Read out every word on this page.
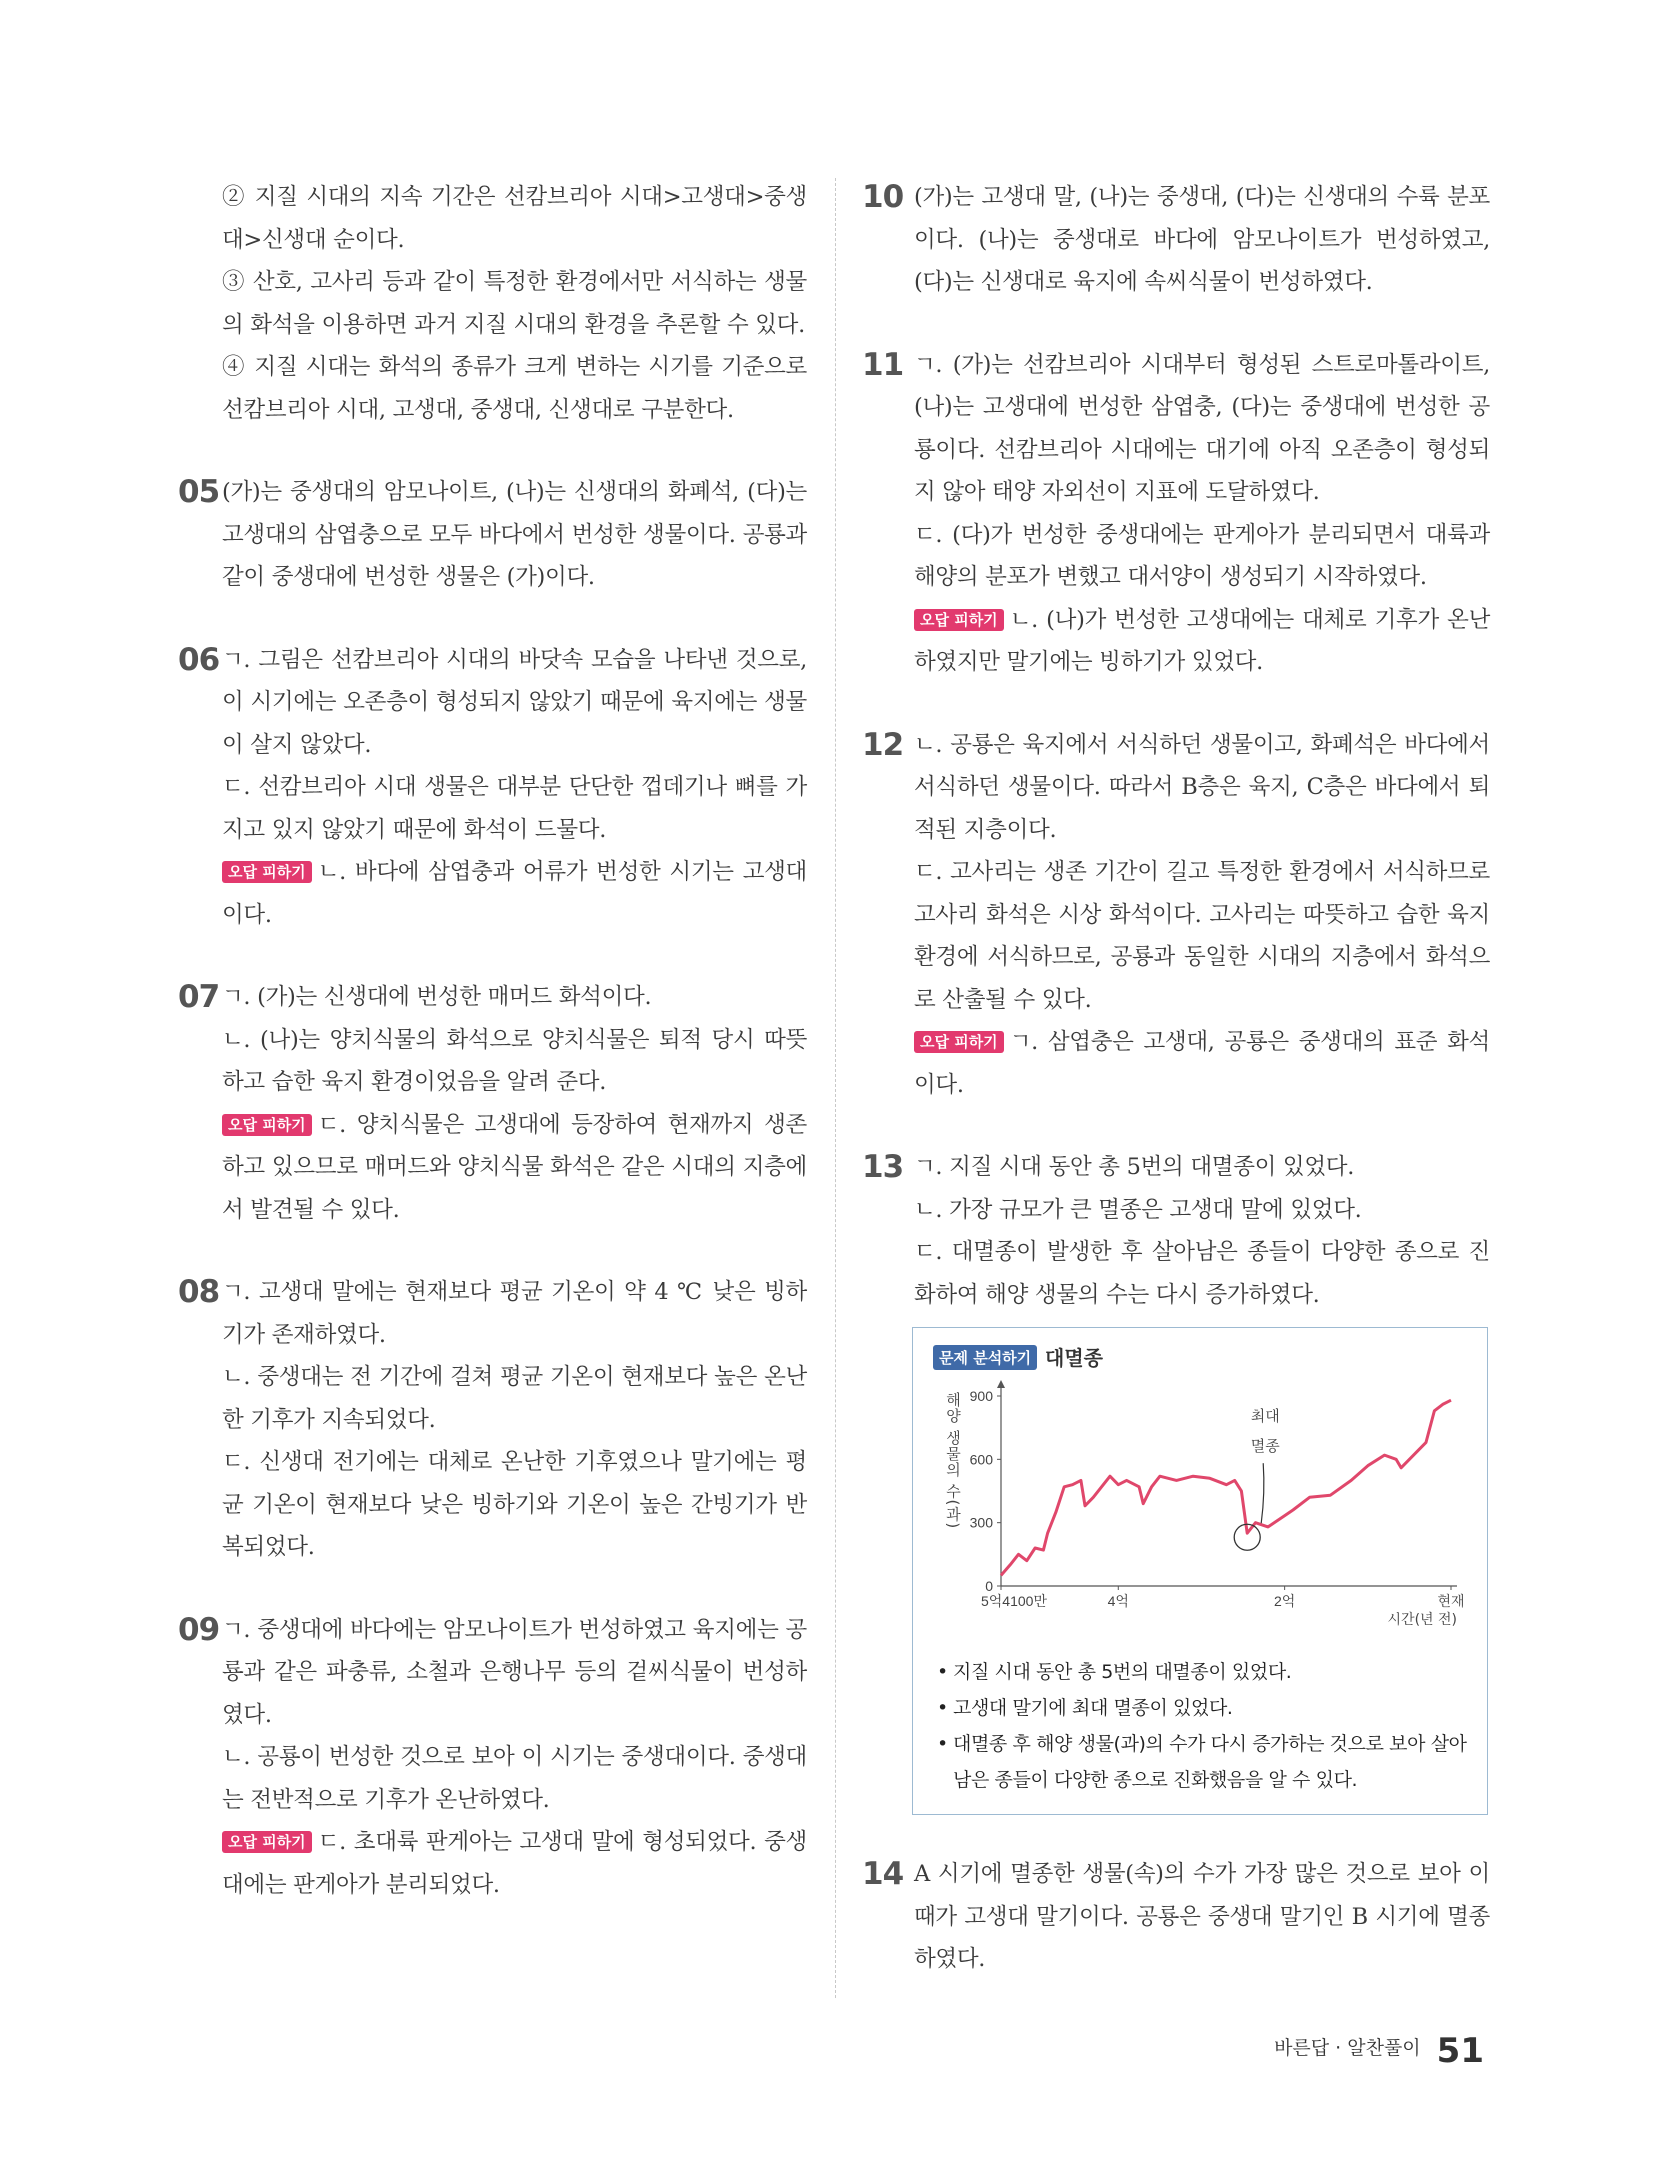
② 지질 시대의 지속 기간은 선캄브리아 시대>고생대>중생대>신생대 순이다.

③ 산호, 고사리 등과 같이 특정한 환경에서만 서식하는 생물의 화석을 이용하면 과거 지질 시대의 환경을 추론할 수 있다.

④ 지질 시대는 화석의 종류가 크게 변하는 시기를 기준으로 선캄브리아 시대, 고생대, 중생대, 신생대로 구분한다.

05 (가)는 중생대의 암모나이트, (나)는 신생대의 화폐석, (다)는 고생대의 삼엽충으로 모두 바다에서 번성한 생물이다. 공룡과 같이 중생대에 번성한 생물은 (가)이다.

06 ㄱ. 그림은 선캄브리아 시대의 바닷속 모습을 나타낸 것으로, 이 시기에는 오존층이 형성되지 않았기 때문에 육지에는 생물이 살지 않았다.

ㄷ. 선캄브리아 시대 생물은 대부분 단단한 껍데기나 뼈를 가지고 있지 않았기 때문에 화석이 드물다.

오답 피하기 ㄴ. 바다에 삼엽충과 어류가 번성한 시기는 고생대이다.

07 ㄱ. (가)는 신생대에 번성한 매머드 화석이다.

ㄴ. (나)는 양치식물의 화석으로 양치식물은 퇴적 당시 따뜻하고 습한 육지 환경이었음을 알려 준다.

오답 피하기 ㄷ. 양치식물은 고생대에 등장하여 현재까지 생존하고 있으므로 매머드와 양치식물 화석은 같은 시대의 지층에서 발견될 수 있다.

08 ㄱ. 고생대 말에는 현재보다 평균 기온이 약 4 ℃ 낮은 빙하기가 존재하였다.

ㄴ. 중생대는 전 기간에 걸쳐 평균 기온이 현재보다 높은 온난한 기후가 지속되었다.

ㄷ. 신생대 전기에는 대체로 온난한 기후였으나 말기에는 평균 기온이 현재보다 낮은 빙하기와 기온이 높은 간빙기가 반복되었다.

09 ㄱ. 중생대에 바다에는 암모나이트가 번성하였고 육지에는 공룡과 같은 파충류, 소철과 은행나무 등의 겉씨식물이 번성하였다.

ㄴ. 공룡이 번성한 것으로 보아 이 시기는 중생대이다. 중생대는 전반적으로 기후가 온난하였다.

오답 피하기 ㄷ. 초대륙 판게아는 고생대 말에 형성되었다. 중생대에는 판게아가 분리되었다.

10 (가)는 고생대 말, (나)는 중생대, (다)는 신생대의 수륙 분포이다. (나)는 중생대로 바다에 암모나이트가 번성하였고, (다)는 신생대로 육지에 속씨식물이 번성하였다.

11 ㄱ. (가)는 선캄브리아 시대부터 형성된 스트로마톨라이트, (나)는 고생대에 번성한 삼엽충, (다)는 중생대에 번성한 공룡이다. 선캄브리아 시대에는 대기에 아직 오존층이 형성되지 않아 태양 자외선이 지표에 도달하였다.

ㄷ. (다)가 번성한 중생대에는 판게아가 분리되면서 대륙과 해양의 분포가 변했고 대서양이 생성되기 시작하였다.

오답 피하기 ㄴ. (나)가 번성한 고생대에는 대체로 기후가 온난하였지만 말기에는 빙하기가 있었다.

12 ㄴ. 공룡은 육지에서 서식하던 생물이고, 화폐석은 바다에서 서식하던 생물이다. 따라서 B층은 육지, C층은 바다에서 퇴적된 지층이다.

ㄷ. 고사리는 생존 기간이 길고 특정한 환경에서 서식하므로 고사리 화석은 시상 화석이다. 고사리는 따뜻하고 습한 육지 환경에 서식하므로, 공룡과 동일한 시대의 지층에서 화석으로 산출될 수 있다.

오답 피하기 ㄱ. 삼엽충은 고생대, 공룡은 중생대의 표준 화석이다.

13 ㄱ. 지질 시대 동안 총 5번의 대멸종이 있었다.

ㄴ. 가장 규모가 큰 멸종은 고생대 말에 있었다.

ㄷ. 대멸종이 발생한 후 살아남은 종들이 다양한 종으로 진화하여 해양 생물의 수는 다시 증가하였다.

문제 분석하기 대멸종
0
300
600
900
해양 생물의 수(과)
5억4100만	4억	2억	현재
시간(년 전)
최대
멸종
• 지질 시대 동안 총 5번의 대멸종이 있었다.
• 고생대 말기에 최대 멸종이 있었다.
• 대멸종 후 해양 생물(과)의 수가 다시 증가하는 것으로 보아 살아남은 종들이 다양한 종으로 진화했음을 알 수 있다.
14 A 시기에 멸종한 생물(속)의 수가 가장 많은 것으로 보아 이 때가 고생대 말기이다. 공룡은 중생대 말기인 B 시기에 멸종하였다.

바른답 · 알찬풀이 51
